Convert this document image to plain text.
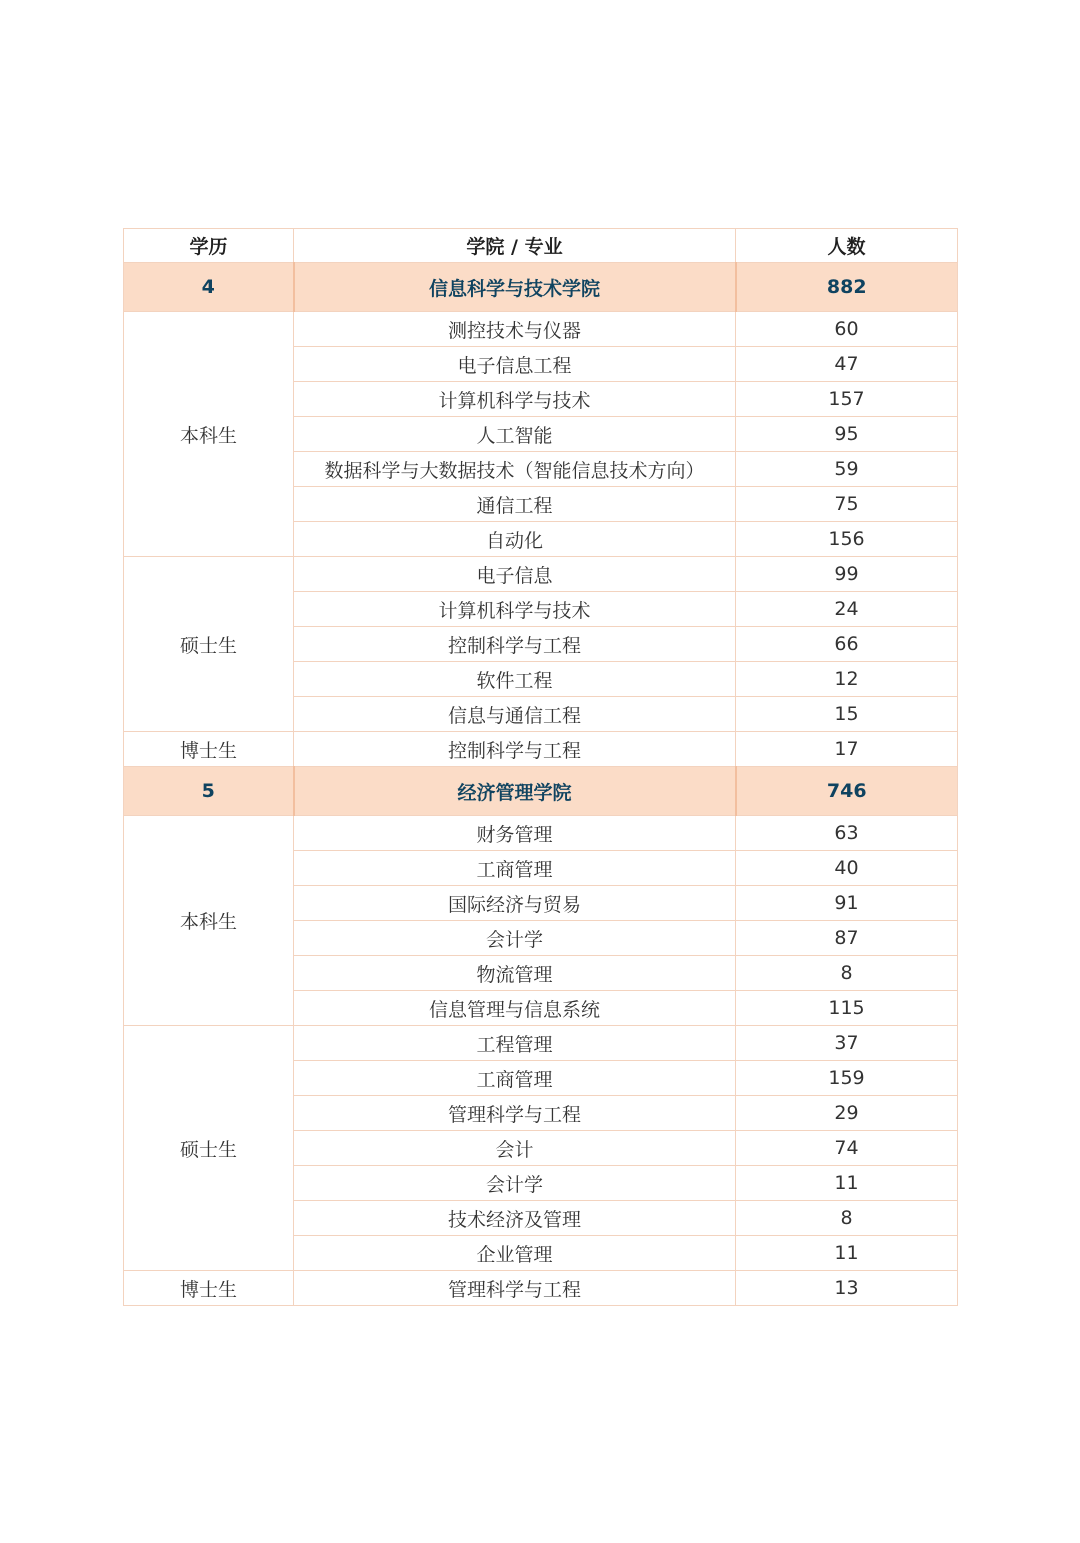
学历	学院 / 专业	人数
4	信息科学与技术学院	882
本科生	测控技术与仪器	60
	电子信息工程	47
	计算机科学与技术	157
	人工智能	95
	数据科学与大数据技术（智能信息技术方向）	59
	通信工程	75
	自动化	156
硕士生	电子信息	99
	计算机科学与技术	24
	控制科学与工程	66
	软件工程	12
	信息与通信工程	15
博士生	控制科学与工程	17
5	经济管理学院	746
本科生	财务管理	63
	工商管理	40
	国际经济与贸易	91
	会计学	87
	物流管理	8
	信息管理与信息系统	115
硕士生	工程管理	37
	工商管理	159
	管理科学与工程	29
	会计	74
	会计学	11
	技术经济及管理	8
	企业管理	11
博士生	管理科学与工程	13
